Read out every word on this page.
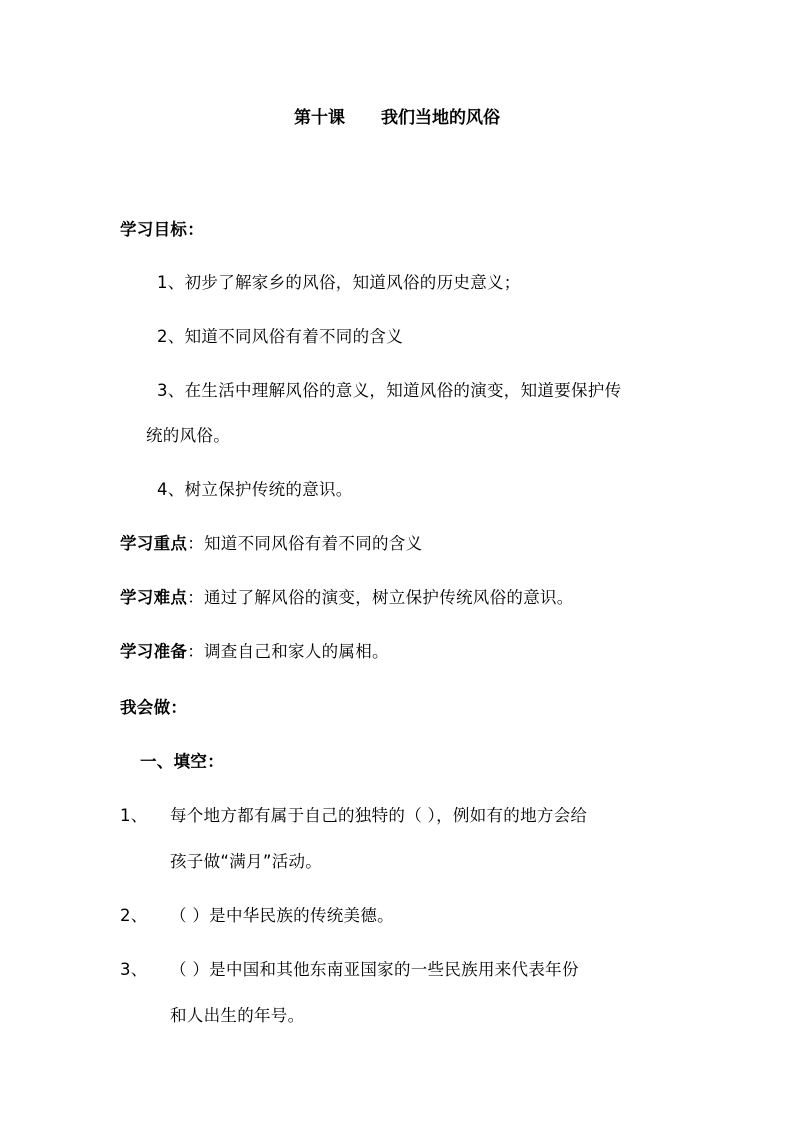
第十课 我们当地的风俗
学习目标：
1、初步了解家乡的风俗，知道风俗的历史意义；
2、知道不同风俗有着不同的含义
3、在生活中理解风俗的意义，知道风俗的演变，知道要保护传
统的风俗。
4、树立保护传统的意识。
学习重点：知道不同风俗有着不同的含义
学习难点：通过了解风俗的演变，树立保护传统风俗的意识。
学习准备：调查自己和家人的属相。
我会做：
一、填空：
1、 每个地方都有属于自己的独特的（ ），例如有的地方会给
孩子做“满月”活动。
2、 （ ）是中华民族的传统美德。
3、 （ ）是中国和其他东南亚国家的一些民族用来代表年份
和人出生的年号。
